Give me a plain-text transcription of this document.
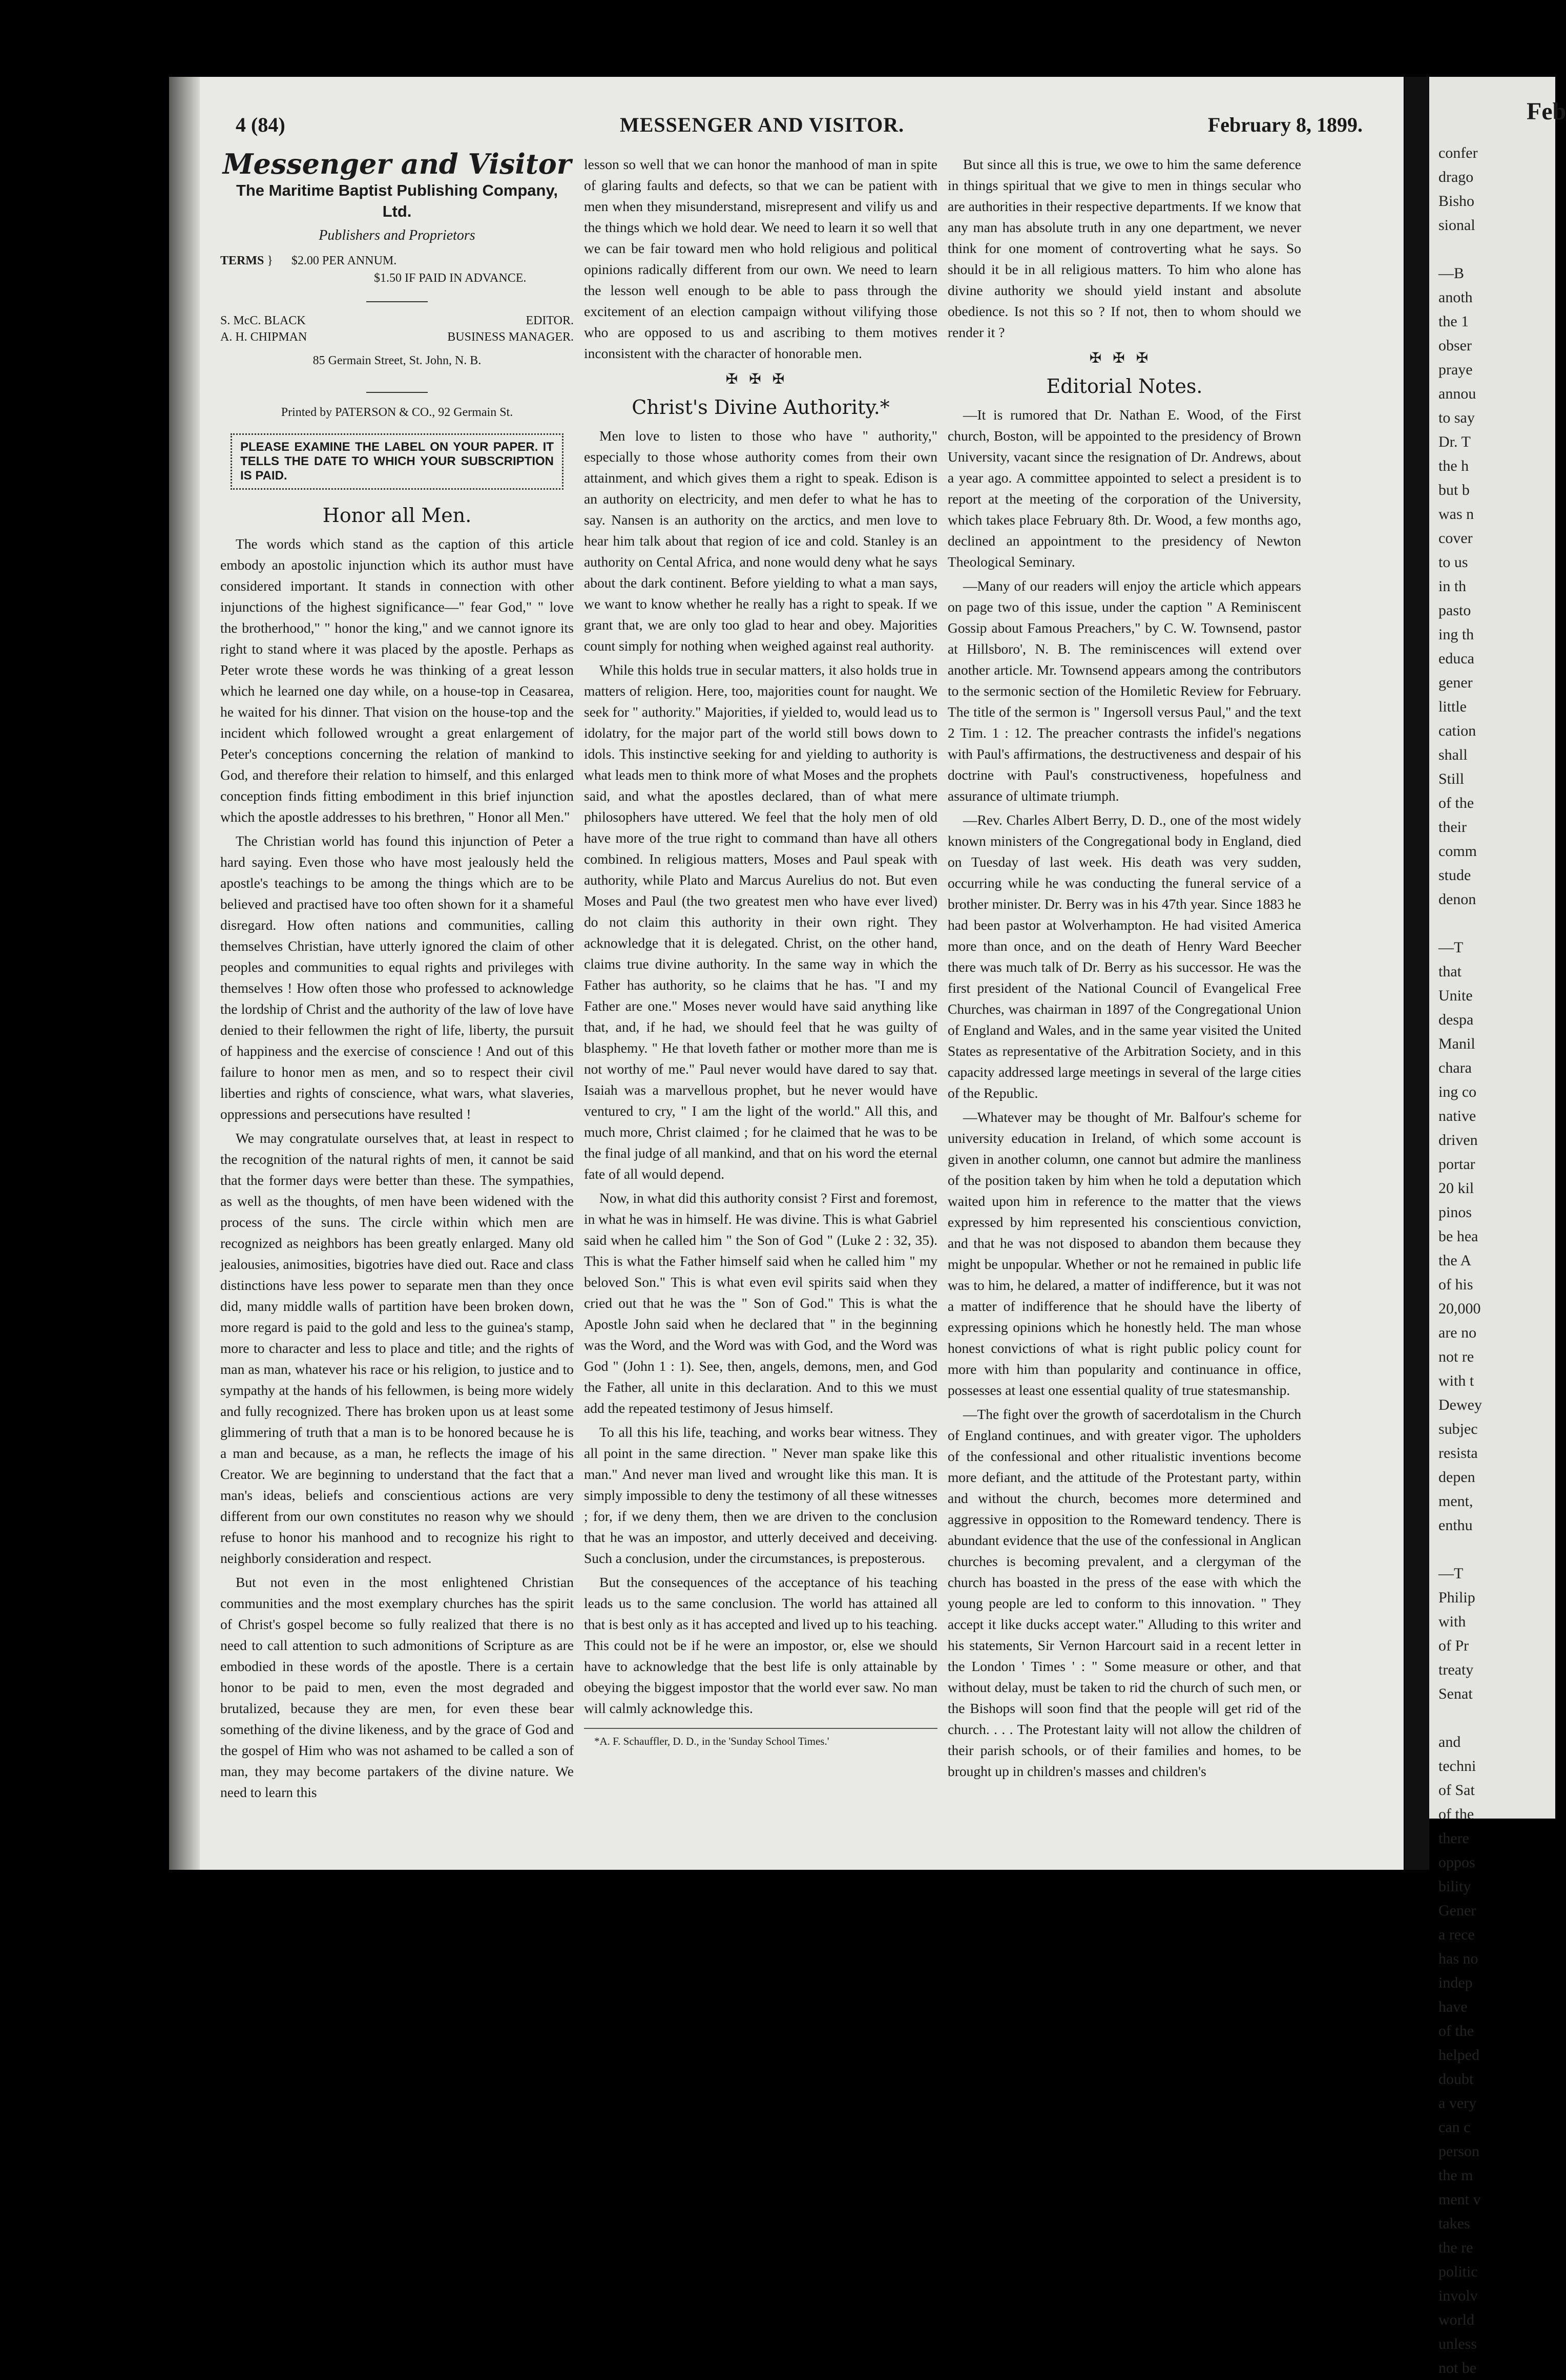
4 (84)	MESSENGER AND VISITOR.	February 8, 1899.
Messenger and Visitor
The Maritime Baptist Publishing Company, Ltd.
Publishers and Proprietors
TERMS } $2.00 PER ANNUM.
$1.50 IF PAID IN ADVANCE.
S. McC. BLACK	EDITOR.
A. H. CHIPMAN	BUSINESS MANAGER.
85 Germain Street, St. John, N. B.
Printed by PATERSON & CO., 92 Germain St.
PLEASE EXAMINE THE LABEL ON YOUR PAPER. IT TELLS THE DATE TO WHICH YOUR SUBSCRIPTION IS PAID.
Honor all Men.

The words which stand as the caption of this article embody an apostolic injunction which its author must have considered important. It stands in connection with other injunctions of the highest significance—" fear God," " love the brotherhood," " honor the king," and we cannot ignore its right to stand where it was placed by the apostle. Perhaps as Peter wrote these words he was thinking of a great lesson which he learned one day while, on a house-top in Ceasarea, he waited for his dinner. That vision on the house-top and the incident which followed wrought a great enlargement of Peter's conceptions concerning the relation of mankind to God, and therefore their relation to himself, and this enlarged conception finds fitting embodiment in this brief injunction which the apostle addresses to his brethren, " Honor all Men."

The Christian world has found this injunction of Peter a hard saying. Even those who have most jealously held the apostle's teachings to be among the things which are to be believed and practised have too often shown for it a shameful disregard. How often nations and communities, calling themselves Christian, have utterly ignored the claim of other peoples and communities to equal rights and privileges with themselves ! How often those who professed to acknowledge the lordship of Christ and the authority of the law of love have denied to their fellowmen the right of life, liberty, the pursuit of happiness and the exercise of conscience ! And out of this failure to honor men as men, and so to respect their civil liberties and rights of conscience, what wars, what slaveries, oppressions and persecutions have resulted !

We may congratulate ourselves that, at least in respect to the recognition of the natural rights of men, it cannot be said that the former days were better than these. The sympathies, as well as the thoughts, of men have been widened with the process of the suns. The circle within which men are recognized as neighbors has been greatly enlarged. Many old jealousies, animosities, bigotries have died out. Race and class distinctions have less power to separate men than they once did, many middle walls of partition have been broken down, more regard is paid to the gold and less to the guinea's stamp, more to character and less to place and title; and the rights of man as man, whatever his race or his religion, to justice and to sympathy at the hands of his fellowmen, is being more widely and fully recognized. There has broken upon us at least some glimmering of truth that a man is to be honored because he is a man and because, as a man, he reflects the image of his Creator. We are beginning to understand that the fact that a man's ideas, beliefs and conscientious actions are very different from our own constitutes no reason why we should refuse to honor his manhood and to recognize his right to neighborly consideration and respect.

But not even in the most enlightened Christian communities and the most exemplary churches has the spirit of Christ's gospel become so fully realized that there is no need to call attention to such admonitions of Scripture as are embodied in these words of the apostle. There is a certain honor to be paid to men, even the most degraded and brutalized, because they are men, for even these bear something of the divine likeness, and by the grace of God and the gospel of Him who was not ashamed to be called a son of man, they may become partakers of the divine nature. We need to learn this

lesson so well that we can honor the manhood of man in spite of glaring faults and defects, so that we can be patient with men when they misunderstand, misrepresent and vilify us and the things which we hold dear. We need to learn it so well that we can be fair toward men who hold religious and political opinions radically different from our own. We need to learn the lesson well enough to be able to pass through the excitement of an election campaign without vilifying those who are opposed to us and ascribing to them motives inconsistent with the character of honorable men.

✠✠✠
Christ's Divine Authority.*

Men love to listen to those who have " authority," especially to those whose authority comes from their own attainment, and which gives them a right to speak. Edison is an authority on electricity, and men defer to what he has to say. Nansen is an authority on the arctics, and men love to hear him talk about that region of ice and cold. Stanley is an authority on Cental Africa, and none would deny what he says about the dark continent. Before yielding to what a man says, we want to know whether he really has a right to speak. If we grant that, we are only too glad to hear and obey. Majorities count simply for nothing when weighed against real authority.

While this holds true in secular matters, it also holds true in matters of religion. Here, too, majorities count for naught. We seek for " authority." Majorities, if yielded to, would lead us to idolatry, for the major part of the world still bows down to idols. This instinctive seeking for and yielding to authority is what leads men to think more of what Moses and the prophets said, and what the apostles declared, than of what mere philosophers have uttered. We feel that the holy men of old have more of the true right to command than have all others combined. In religious matters, Moses and Paul speak with authority, while Plato and Marcus Aurelius do not. But even Moses and Paul (the two greatest men who have ever lived) do not claim this authority in their own right. They acknowledge that it is delegated. Christ, on the other hand, claims true divine authority. In the same way in which the Father has authority, so he claims that he has. "I and my Father are one." Moses never would have said anything like that, and, if he had, we should feel that he was guilty of blasphemy. " He that loveth father or mother more than me is not worthy of me." Paul never would have dared to say that. Isaiah was a marvellous prophet, but he never would have ventured to cry, " I am the light of the world." All this, and much more, Christ claimed ; for he claimed that he was to be the final judge of all mankind, and that on his word the eternal fate of all would depend.

Now, in what did this authority consist ? First and foremost, in what he was in himself. He was divine. This is what Gabriel said when he called him " the Son of God " (Luke 2 : 32, 35). This is what the Father himself said when he called him " my beloved Son." This is what even evil spirits said when they cried out that he was the " Son of God." This is what the Apostle John said when he declared that " in the beginning was the Word, and the Word was with God, and the Word was God " (John 1 : 1). See, then, angels, demons, men, and God the Father, all unite in this declaration. And to this we must add the repeated testimony of Jesus himself.

To all this his life, teaching, and works bear witness. They all point in the same direction. " Never man spake like this man." And never man lived and wrought like this man. It is simply impossible to deny the testimony of all these witnesses ; for, if we deny them, then we are driven to the conclusion that he was an impostor, and utterly deceived and deceiving. Such a conclusion, under the circumstances, is preposterous.

But the consequences of the acceptance of his teaching leads us to the same conclusion. The world has attained all that is best only as it has accepted and lived up to his teaching. This could not be if he were an impostor, or, else we should have to acknowledge that the best life is only attainable by obeying the biggest impostor that the world ever saw. No man will calmly acknowledge this.

*A. F. Schauffler, D. D., in the 'Sunday School Times.'

But since all this is true, we owe to him the same deference in things spiritual that we give to men in things secular who are authorities in their respective departments. If we know that any man has absolute truth in any one department, we never think for one moment of controverting what he says. So should it be in all religious matters. To him who alone has divine authority we should yield instant and absolute obedience. Is not this so ? If not, then to whom should we render it ?

✠✠✠
Editorial Notes.

—It is rumored that Dr. Nathan E. Wood, of the First church, Boston, will be appointed to the presidency of Brown University, vacant since the resignation of Dr. Andrews, about a year ago. A committee appointed to select a president is to report at the meeting of the corporation of the University, which takes place February 8th. Dr. Wood, a few months ago, declined an appointment to the presidency of Newton Theological Seminary.

—Many of our readers will enjoy the article which appears on page two of this issue, under the caption " A Reminiscent Gossip about Famous Preachers," by C. W. Townsend, pastor at Hillsboro', N. B. The reminiscences will extend over another article. Mr. Townsend appears among the contributors to the sermonic section of the Homiletic Review for February. The title of the sermon is " Ingersoll versus Paul," and the text 2 Tim. 1 : 12. The preacher contrasts the infidel's negations with Paul's affirmations, the destructiveness and despair of his doctrine with Paul's constructiveness, hopefulness and assurance of ultimate triumph.

—Rev. Charles Albert Berry, D. D., one of the most widely known ministers of the Congregational body in England, died on Tuesday of last week. His death was very sudden, occurring while he was conducting the funeral service of a brother minister. Dr. Berry was in his 47th year. Since 1883 he had been pastor at Wolverhampton. He had visited America more than once, and on the death of Henry Ward Beecher there was much talk of Dr. Berry as his successor. He was the first president of the National Council of Evangelical Free Churches, was chairman in 1897 of the Congregational Union of England and Wales, and in the same year visited the United States as representative of the Arbitration Society, and in this capacity addressed large meetings in several of the large cities of the Republic.

—Whatever may be thought of Mr. Balfour's scheme for university education in Ireland, of which some account is given in another column, one cannot but admire the manliness of the position taken by him when he told a deputation which waited upon him in reference to the matter that the views expressed by him represented his conscientious conviction, and that he was not disposed to abandon them because they might be unpopular. Whether or not he remained in public life was to him, he delared, a matter of indifference, but it was not a matter of indifference that he should have the liberty of expressing opinions which he honestly held. The man whose honest convictions of what is right public policy count for more with him than popularity and continuance in office, possesses at least one essential quality of true statesmanship.

—The fight over the growth of sacerdotalism in the Church of England continues, and with greater vigor. The upholders of the confessional and other ritualistic inventions become more defiant, and the attitude of the Protestant party, within and without the church, becomes more determined and aggressive in opposition to the Romeward tendency. There is abundant evidence that the use of the confessional in Anglican churches is becoming prevalent, and a clergyman of the church has boasted in the press of the ease with which the young people are led to conform to this innovation. " They accept it like ducks accept water." Alluding to this writer and his statements, Sir Vernon Harcourt said in a recent letter in the London ' Times ' : " Some measure or other, and that without delay, must be taken to rid the church of such men, or the Bishops will soon find that the people will get rid of the church. . . . The Protestant laity will not allow the children of their parish schools, or of their families and homes, to be brought up in children's masses and children's

Feb
confer
drago
Bisho
sional

—B
anoth
the 1
obser
praye
annou
to say
Dr. T
the h
but b
was n
cover
to us
in th
pasto
ing th
educa
gener
little
cation
shall
Still
of the
their
comm
stude
denon

—T
that
Unite
despa
Manil
chara
ing co
native
driven
portar
20 kil
pinos
be hea
the A
of his
20,000
are no
not re
with t
Dewey
subjec
resista
depen
ment,
enthu

—T
Philip
with
of Pr
treaty
Senat

and
techni
of Sat
of the
there
oppos
bility
Gener
a rece
has no
indep
have
of the
helped
doubt
a very
can c
person
the m
ment v
takes
the re
politic
involv
world
unless
not be
